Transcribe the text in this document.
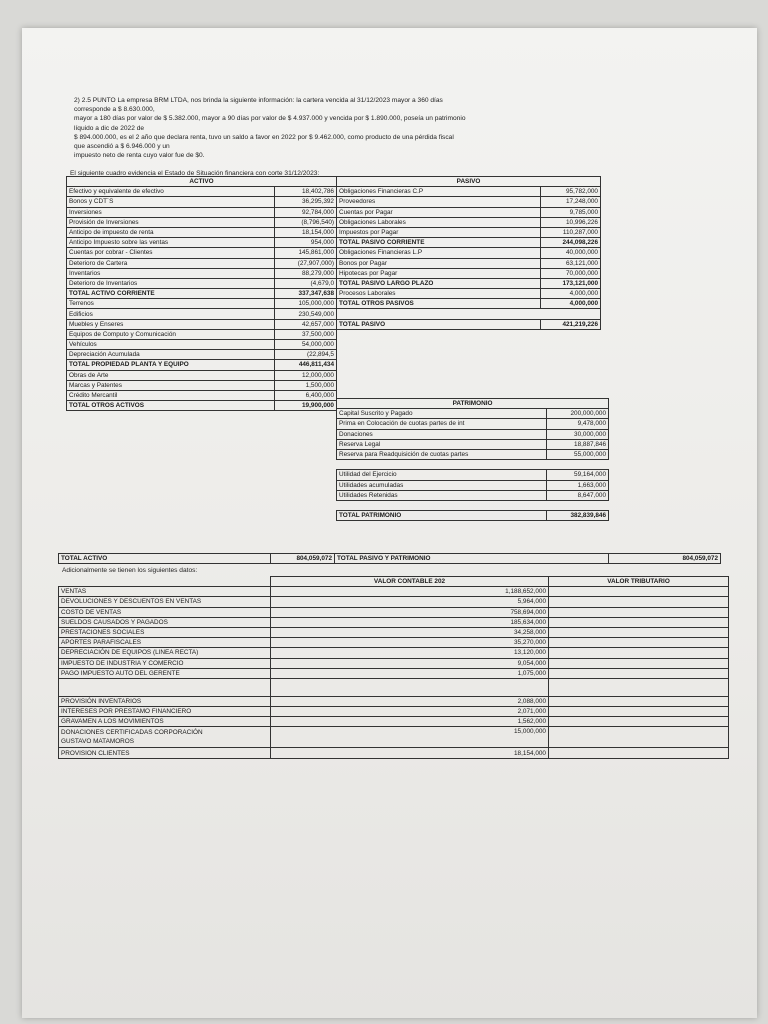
2) 2.5 PUNTO La empresa BRM LTDA, nos brinda la siguiente información: la cartera vencida al 31/12/2023 mayor a 360 días

corresponde a $ 8.630.000,

mayor a 180 días por valor de $ 5.382.000, mayor a 90 días por valor de $ 4.937.000 y vencida por $ 1.890.000, poseía un patrimonio

líquido a dic de 2022 de

$ 894.000.000, es el 2 año que declara renta, tuvo un saldo a favor en 2022 por $ 9.462.000, como producto de una pérdida fiscal

que ascendió a $ 6.946.000 y un

impuesto neto de renta cuyo valor fue de $0.

El siguiente cuadro evidencia el Estado de Situación financiera con corte 31/12/2023:
ACTIVO	
Efectivo y equivalente de efectivo	18,402,786
Bonos y CDT´S	36,295,392
Inversiones	92,784,000
Provisión de Inversiones	(8,796,540)
Anticipo de impuesto de renta	18,154,000
Anticipo Impuesto sobre las ventas	954,000
Cuentas por cobrar - Clientes	145,861,000
Deterioro de Cartera	(27,907,000)
Inventarios	88,279,000
Deterioro de Inventarios	(4,679,0
TOTAL ACTIVO CORRIENTE	337,347,638
Terrenos	105,000,000
Edificios	230,549,000
Muebles y Enseres	42,657,000
Equipos de Computo y Comunicación	37,500,000
Vehículos	54,000,000
Depreciación Acumulada	(22,894,5
TOTAL PROPIEDAD PLANTA Y EQUIPO	446,811,434
Obras de Arte	12,000,000
Marcas y Patentes	1,500,000
Crédito Mercantil	6,400,000
TOTAL OTROS ACTIVOS	19,900,000
PASIVO	
Obligaciones Financieras C.P	95,782,000
Proveedores	17,248,000
Cuentas por Pagar	9,785,000
Obligaciones Laborales	10,996,226
Impuestos por Pagar	110,287,000
TOTAL PASIVO CORRIENTE	244,098,226
Obligaciones Financieras L.P	40,000,000
Bonos por Pagar	63,121,000
Hipotecas por Pagar	70,000,000
TOTAL PASIVO LARGO PLAZO	173,121,000
Procesos Laborales	4,000,000
TOTAL OTROS PASIVOS	4,000,000

TOTAL PASIVO	421,219,226
PATRIMONIO	
Capital Suscrito y Pagado	200,000,000
Prima en Colocación de cuotas partes de int	9,478,000
Donaciones	30,000,000
Reserva Legal	18,887,846
Reserva para Readquisición de cuotas partes	55,000,000

Utilidad del Ejercicio	59,164,000
Utilidades acumuladas	1,663,000
Utilidades Retenidas	8,647,000

TOTAL PATRIMONIO	382,839,846
TOTAL ACTIVO	804,059,072	TOTAL PASIVO Y PATRIMONIO	804,059,072
Adicionalmente se tienen los siguientes datos:
	VALOR CONTABLE 202	VALOR TRIBUTARIO
VENTAS	1,188,652,000	
DEVOLUCIONES Y DESCUENTOS EN VENTAS	5,964,000	
COSTO DE VENTAS	758,694,000	
SUELDOS CAUSADOS Y PAGADOS	185,634,000	
PRESTACIONES SOCIALES	34,258,000	
APORTES PARAFISCALES	35,270,000	
DEPRECIACIÓN DE EQUIPOS (LINEA RECTA)	13,120,000	
IMPUESTO DE INDUSTRIA Y COMERCIO	9,054,000	
PAGO IMPUESTO AUTO DEL GERENTE	1,075,000	

PROVISIÓN INVENTARIOS	2,088,000	
INTERESES POR PRESTAMO FINANCIERO	2,071,000	
GRAVAMEN A LOS MOVIMIENTOS	1,562,000	
DONACIONES CERTIFICADAS CORPORACIÓN
GUSTAVO MATAMOROS	15,000,000	
PROVISION CLIENTES	18,154,000	
